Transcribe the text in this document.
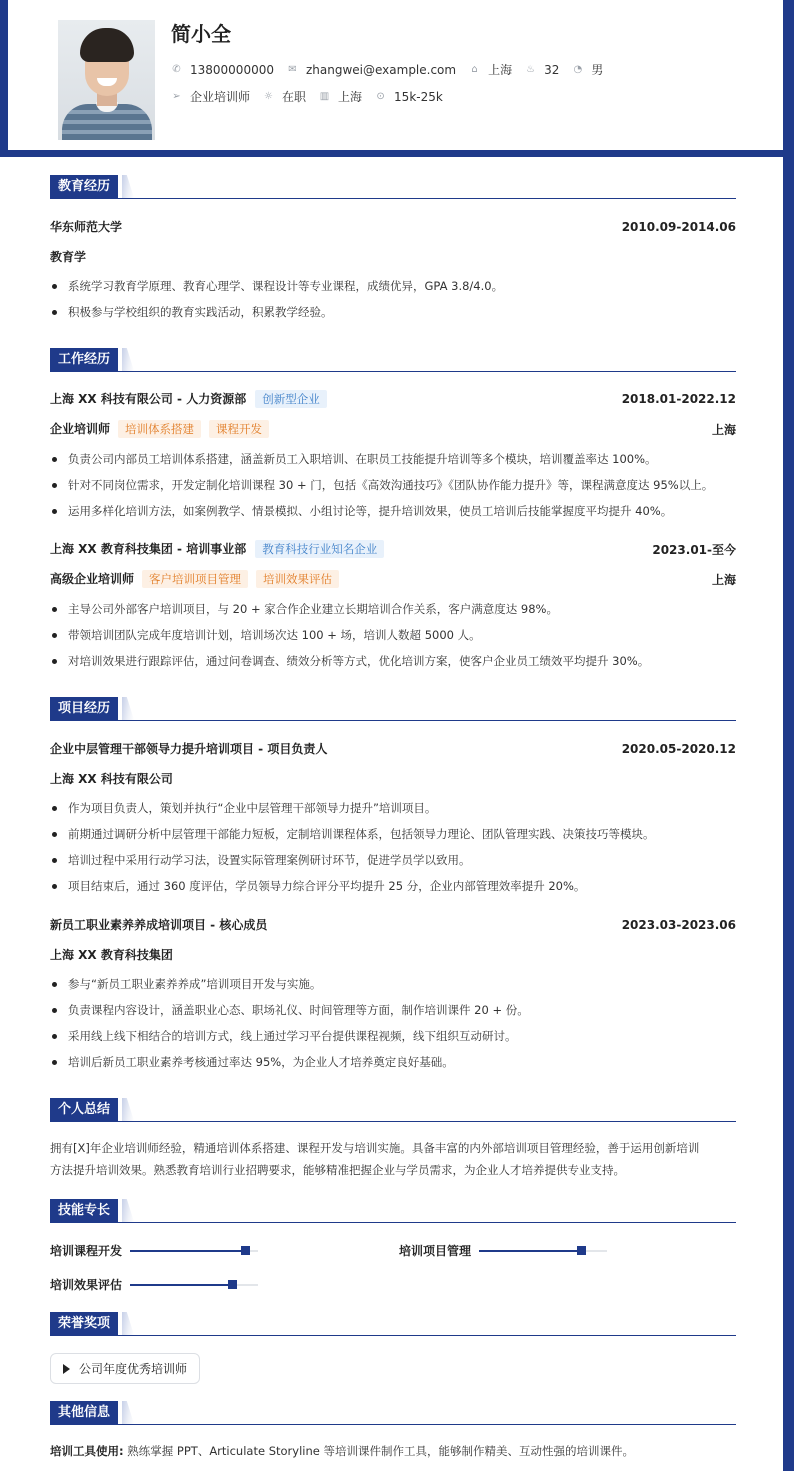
简小全
✆ 13800000000 ✉ zhangwei@example.com ⌂ 上海 ♨ 32 ◔ 男
➢ 企业培训师 ☼ 在职 ▥ 上海 ⊙ 15k-25k
教育经历
华东师范大学	2010.09-2014.06
教育学
系统学习教育学原理、教育心理学、课程设计等专业课程，成绩优异，GPA 3.8/4.0。
积极参与学校组织的教育实践活动，积累教学经验。
工作经历
上海 XX 科技有限公司 - 人力资源部 创新型企业	2018.01-2022.12
企业培训师 培训体系搭建 课程开发	上海
负责公司内部员工培训体系搭建，涵盖新员工入职培训、在职员工技能提升培训等多个模块，培训覆盖率达 100%。
针对不同岗位需求，开发定制化培训课程 30 + 门，包括《高效沟通技巧》《团队协作能力提升》等，课程满意度达 95%以上。
运用多样化培训方法，如案例教学、情景模拟、小组讨论等，提升培训效果，使员工培训后技能掌握度平均提升 40%。
上海 XX 教育科技集团 - 培训事业部 教育科技行业知名企业	2023.01-至今
高级企业培训师 客户培训项目管理 培训效果评估	上海
主导公司外部客户培训项目，与 20 + 家合作企业建立长期培训合作关系，客户满意度达 98%。
带领培训团队完成年度培训计划，培训场次达 100 + 场，培训人数超 5000 人。
对培训效果进行跟踪评估，通过问卷调查、绩效分析等方式，优化培训方案，使客户企业员工绩效平均提升 30%。
项目经历
企业中层管理干部领导力提升培训项目 - 项目负责人	2020.05-2020.12
上海 XX 科技有限公司
作为项目负责人，策划并执行“企业中层管理干部领导力提升”培训项目。
前期通过调研分析中层管理干部能力短板，定制培训课程体系，包括领导力理论、团队管理实践、决策技巧等模块。
培训过程中采用行动学习法，设置实际管理案例研讨环节，促进学员学以致用。
项目结束后，通过 360 度评估，学员领导力综合评分平均提升 25 分，企业内部管理效率提升 20%。
新员工职业素养养成培训项目 - 核心成员	2023.03-2023.06
上海 XX 教育科技集团
参与“新员工职业素养养成”培训项目开发与实施。
负责课程内容设计，涵盖职业心态、职场礼仪、时间管理等方面，制作培训课件 20 + 份。
采用线上线下相结合的培训方式，线上通过学习平台提供课程视频，线下组织互动研讨。
培训后新员工职业素养考核通过率达 95%，为企业人才培养奠定良好基础。
个人总结
拥有[X]年企业培训师经验，精通培训体系搭建、课程开发与培训实施。具备丰富的内外部培训项目管理经验，善于运用创新培训
方法提升培训效果。熟悉教育培训行业招聘要求，能够精准把握企业与学员需求，为企业人才培养提供专业支持。
技能专长
培训课程开发	培训项目管理
培训效果评估
荣誉奖项
公司年度优秀培训师
其他信息
培训工具使用: 熟练掌握 PPT、Articulate Storyline 等培训课件制作工具，能够制作精美、互动性强的培训课件。
